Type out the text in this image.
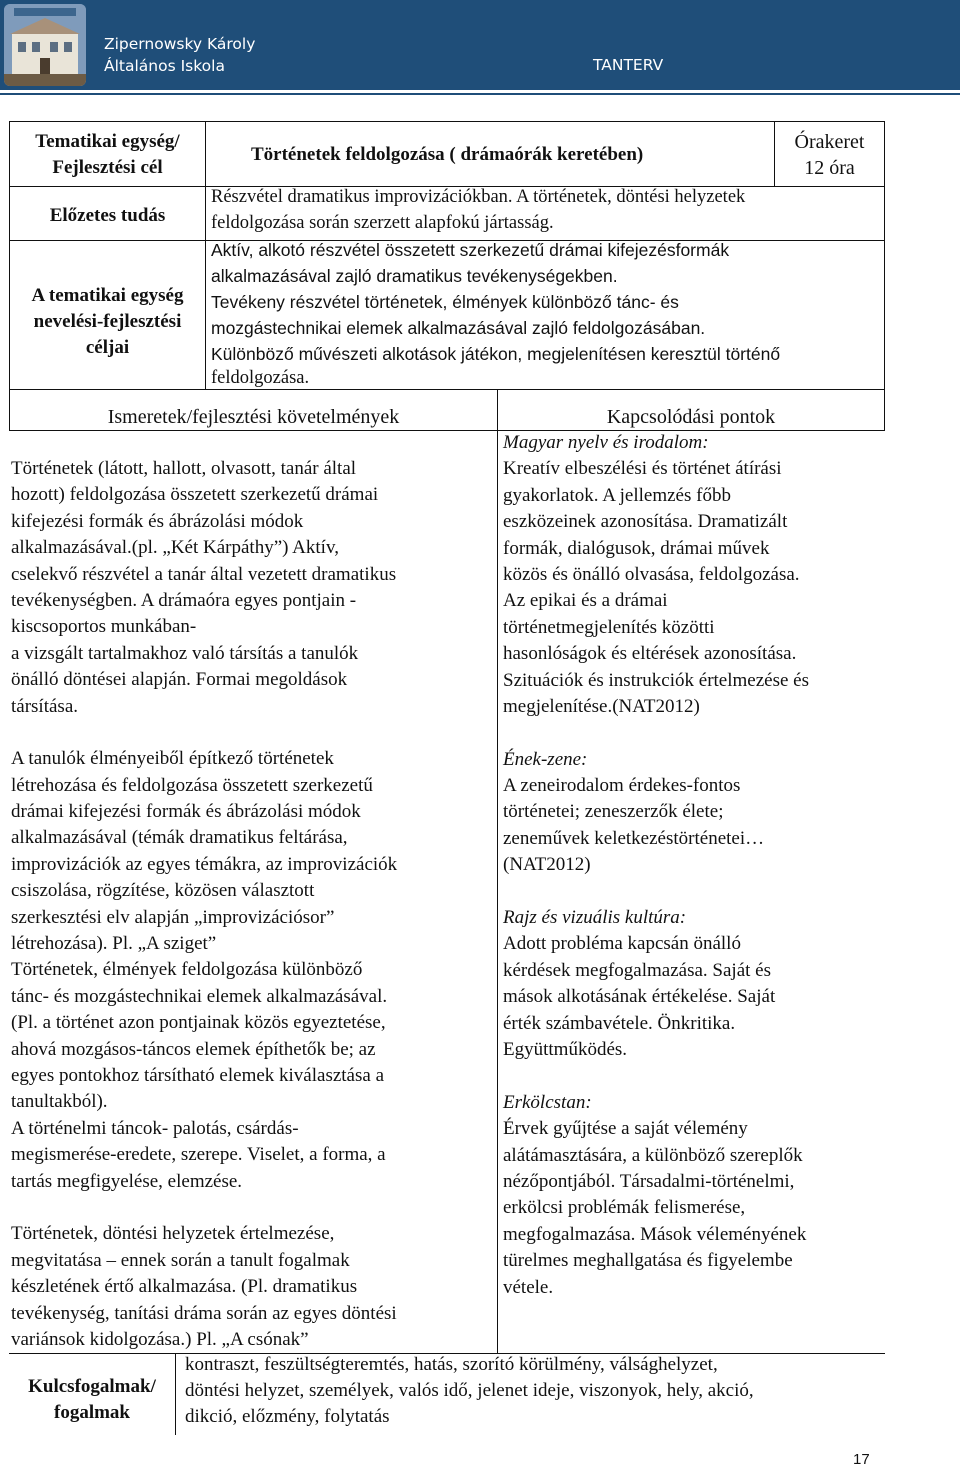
Zipernowsky Károly
Általános Iskola	TANTERV
Tematikai egység/
Fejlesztési cél
Történetek feldolgozása ( drámaórák keretében)
Órakeret
12 óra
Előzetes tudás
Részvétel dramatikus improvizációkban. A történetek, döntési helyzetek
feldolgozása során szerzett alapfokú jártasság.
A tematikai egység
nevelési-fejlesztési
céljai
Aktív, alkotó részvétel összetett szerkezetű drámai kifejezésformák
alkalmazásával zajló dramatikus tevékenységekben.
Tevékeny részvétel történetek, élmények különböző tánc- és
mozgástechnikai elemek alkalmazásával zajló feldolgozásában.
Különböző művészeti alkotások játékon, megjelenítésen keresztül történő
feldolgozása.
Ismeretek/fejlesztési követelmények	Kapcsolódási pontok
Történetek (látott, hallott, olvasott, tanár által
hozott) feldolgozása összetett szerkezetű drámai
kifejezési formák és ábrázolási módok
alkalmazásával.(pl. „Két Kárpáthy”) Aktív,
cselekvő részvétel a tanár által vezetett dramatikus
tevékenységben. A drámaóra egyes pontjain -
kiscsoportos munkában-
a vizsgált tartalmakhoz való társítás a tanulók
önálló döntései alapján. Formai megoldások
társítása.
A tanulók élményeiből építkező történetek
létrehozása és feldolgozása összetett szerkezetű
drámai kifejezési formák és ábrázolási módok
alkalmazásával (témák dramatikus feltárása,
improvizációk az egyes témákra, az improvizációk
csiszolása, rögzítése, közösen választott
szerkesztési elv alapján „improvizációsor”
létrehozása). Pl. „A sziget”
Történetek, élmények feldolgozása különböző
tánc- és mozgástechnikai elemek alkalmazásával.
(Pl. a történet azon pontjainak közös egyeztetése,
ahová mozgásos-táncos elemek építhetők be; az
egyes pontokhoz társítható elemek kiválasztása a
tanultakból).
A történelmi táncok- palotás, csárdás-
megismerése-eredete, szerepe. Viselet, a forma, a
tartás megfigyelése, elemzése.
Történetek, döntési helyzetek értelmezése,
megvitatása – ennek során a tanult fogalmak
készletének értő alkalmazása. (Pl. dramatikus
tevékenység, tanítási dráma során az egyes döntési
variánsok kidolgozása.) Pl. „A csónak”
Magyar nyelv és irodalom:
Kreatív elbeszélési és történet átírási
gyakorlatok. A jellemzés főbb
eszközeinek azonosítása. Dramatizált
formák, dialógusok, drámai művek
közös és önálló olvasása, feldolgozása.
Az epikai és a drámai
történetmegjelenítés közötti
hasonlóságok és eltérések azonosítása.
Szituációk és instrukciók értelmezése és
megjelenítése.(NAT2012)
Ének-zene:
A zeneirodalom érdekes-fontos
történetei; zeneszerzők élete;
zeneművek keletkezéstörténetei…
(NAT2012)
Rajz és vizuális kultúra:
Adott probléma kapcsán önálló
kérdések megfogalmazása. Saját és
mások alkotásának értékelése. Saját
érték számbavétele. Önkritika.
Együttműködés.
Erkölcstan:
Érvek gyűjtése a saját vélemény
alátámasztására, a különböző szereplők
nézőpontjából. Társadalmi-történelmi,
erkölcsi problémák felismerése,
megfogalmazása. Mások véleményének
türelmes meghallgatása és figyelembe
vétele.
Kulcsfogalmak/
fogalmak
kontraszt, feszültségteremtés, hatás, szorító körülmény, válsághelyzet,
döntési helyzet, személyek, valós idő, jelenet ideje, viszonyok, hely, akció,
dikció, előzmény, folytatás
17
